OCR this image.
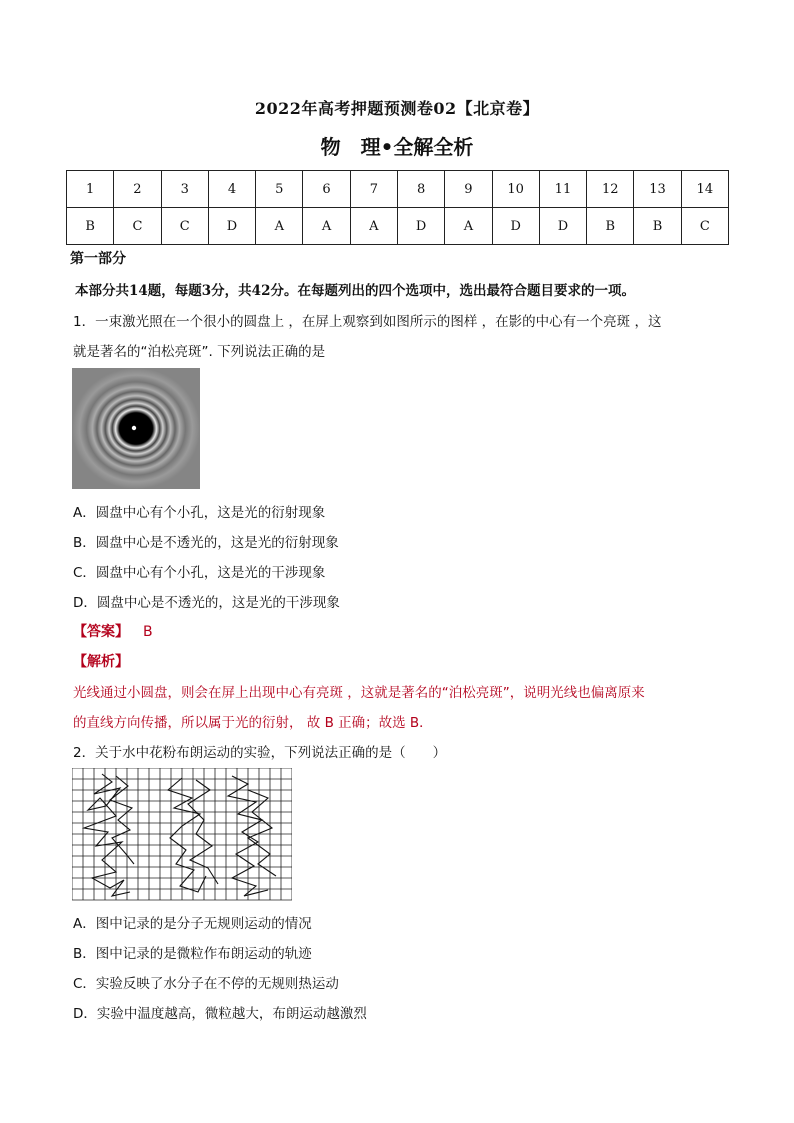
2022年高考押题预测卷02【北京卷】
物　理•全解全析
1	2	3	4	5	6	7	8	9	10	11	12	13	14
B	C	C	D	A	A	A	D	A	D	D	B	B	C
第一部分
本部分共14题，每题3分，共42分。在每题列出的四个选项中，选出最符合题目要求的一项。
1．一束激光照在一个很小的圆盘上 ，在屏上观察到如图所示的图样 ，在影的中心有一个亮斑 ，这
就是著名的“泊松亮斑”. 下列说法正确的是
A．圆盘中心有个小孔，这是光的衍射现象
B．圆盘中心是不透光的，这是光的衍射现象
C．圆盘中心有个小孔，这是光的干涉现象
D．圆盘中心是不透光的，这是光的干涉现象
【答案】 B
【解析】
光线通过小圆盘，则会在屏上出现中心有亮斑 ，这就是著名的“泊松亮斑”，说明光线也偏离原来
的直线方向传播，所以属于光的衍射， 故 B 正确；故选 B．
2．关于水中花粉布朗运动的实验，下列说法正确的是（　　）
A．图中记录的是分子无规则运动的情况
B．图中记录的是微粒作布朗运动的轨迹
C．实验反映了水分子在不停的无规则热运动
D．实验中温度越高，微粒越大，布朗运动越激烈
